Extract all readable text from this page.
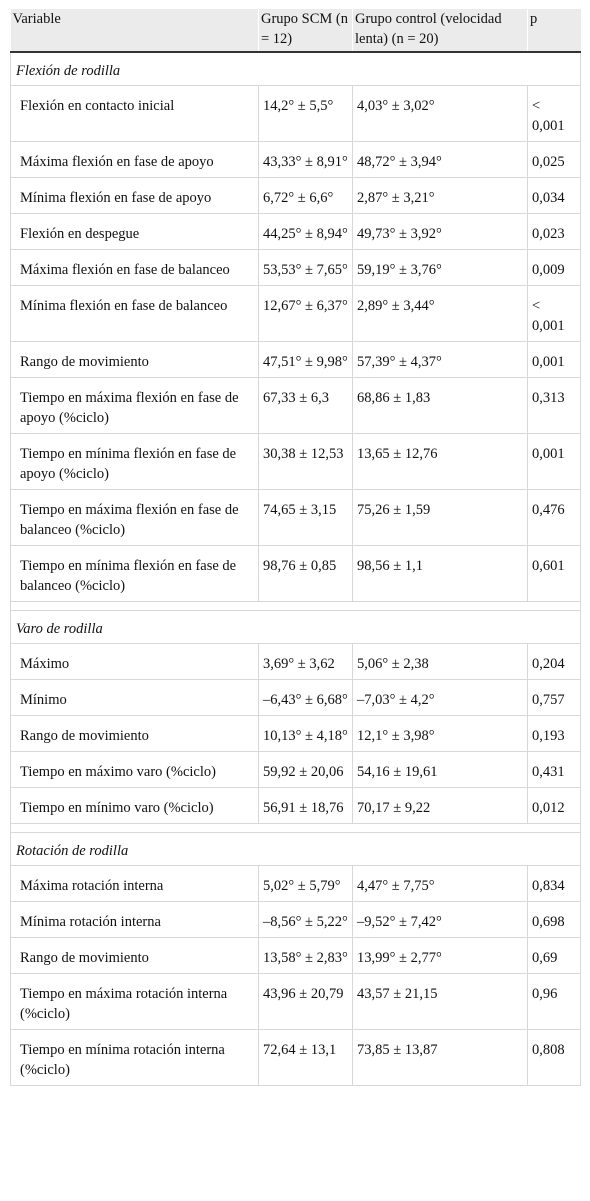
Variable	Grupo SCM (n = 12)	Grupo control (velocidad lenta) (n = 20)	p
Flexión de rodilla			

Flexión en contacto inicial	14,2° ± 5,5°	4,03° ± 3,02°	< 0,001

Máxima flexión en fase de apoyo	43,33° ± 8,91°	48,72° ± 3,94°	0,025

Mínima flexión en fase de apoyo	6,72° ± 6,6°	2,87° ± 3,21°	0,034

Flexión en despegue	44,25° ± 8,94°	49,73° ± 3,92°	0,023

Máxima flexión en fase de balanceo	53,53° ± 7,65°	59,19° ± 3,76°	0,009

Mínima flexión en fase de balanceo	12,67° ± 6,37°	2,89° ± 3,44°	< 0,001

Rango de movimiento	47,51° ± 9,98°	57,39° ± 4,37°	0,001

Tiempo en máxima flexión en fase de apoyo (%ciclo)	67,33 ± 6,3	68,86 ± 1,83	0,313

Tiempo en mínima flexión en fase de apoyo (%ciclo)	30,38 ± 12,53	13,65 ± 12,76	0,001

Tiempo en máxima flexión en fase de balanceo (%ciclo)	74,65 ± 3,15	75,26 ± 1,59	0,476

Tiempo en mínima flexión en fase de balanceo (%ciclo)	98,76 ± 0,85	98,56 ± 1,1	0,601

Varo de rodilla			

Máximo	3,69° ± 3,62	5,06° ± 2,38	0,204

Mínimo	–6,43° ± 6,68°	–7,03° ± 4,2°	0,757

Rango de movimiento	10,13° ± 4,18°	12,1° ± 3,98°	0,193

Tiempo en máximo varo (%ciclo)	59,92 ± 20,06	54,16 ± 19,61	0,431

Tiempo en mínimo varo (%ciclo)	56,91 ± 18,76	70,17 ± 9,22	0,012

Rotación de rodilla			

Máxima rotación interna	5,02° ± 5,79°	4,47° ± 7,75°	0,834

Mínima rotación interna	–8,56° ± 5,22°	–9,52° ± 7,42°	0,698

Rango de movimiento	13,58° ± 2,83°	13,99° ± 2,77°	0,69

Tiempo en máxima rotación interna (%ciclo)	43,96 ± 20,79	43,57 ± 21,15	0,96

Tiempo en mínima rotación interna (%ciclo)	72,64 ± 13,1	73,85 ± 13,87	0,808
